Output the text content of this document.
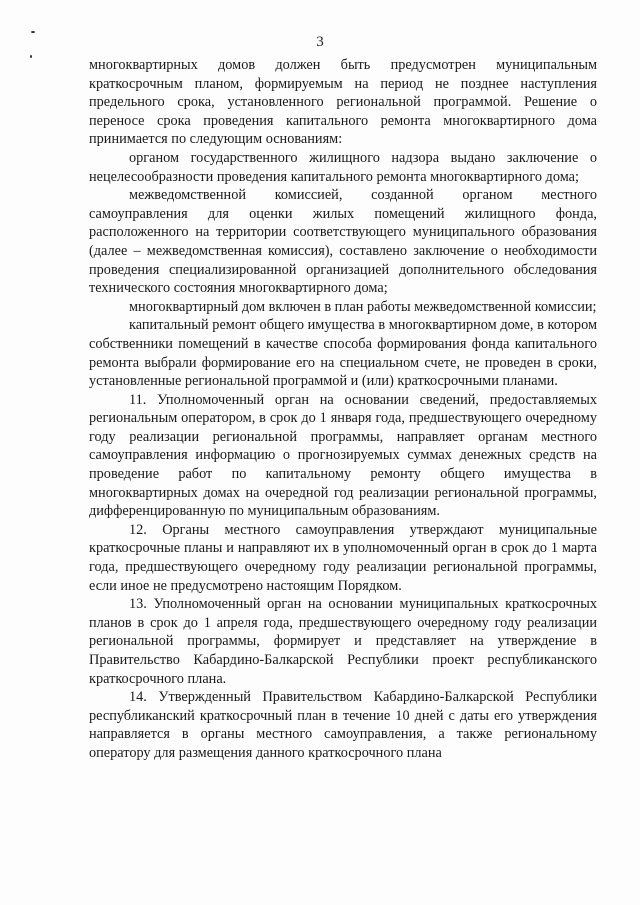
3

многоквартирных домов должен быть предусмотрен муниципальным краткосрочным планом, формируемым на период не позднее наступления предельного срока, установленного региональной программой. Решение о переносе срока проведения капитального ремонта многоквартирного дома принимается по следующим основаниям:

органом государственного жилищного надзора выдано заключение о нецелесообразности проведения капитального ремонта многоквартирного дома;

межведомственной комиссией, созданной органом местного самоуправления для оценки жилых помещений жилищного фонда, расположенного на территории соответствующего муниципального образования (далее – межведомственная комиссия), составлено заключение о необходимости проведения специализированной организацией дополнительного обследования технического состояния многоквартирного дома;

многоквартирный дом включен в план работы межведомственной комиссии;

капитальный ремонт общего имущества в многоквартирном доме, в котором собственники помещений в качестве способа формирования фонда капитального ремонта выбрали формирование его на специальном счете, не проведен в сроки, установленные региональной программой и (или) краткосрочными планами.

11. Уполномоченный орган на основании сведений, предоставляемых региональным оператором, в срок до 1 января года, предшествующего очередному году реализации региональной программы, направляет органам местного самоуправления информацию о прогнозируемых суммах денежных средств на проведение работ по капитальному ремонту общего имущества в многоквартирных домах на очередной год реализации региональной программы, дифференцированную по муниципальным образованиям.

12. Органы местного самоуправления утверждают муниципальные краткосрочные планы и направляют их в уполномоченный орган в срок до 1 марта года, предшествующего очередному году реализации региональной программы, если иное не предусмотрено настоящим Порядком.

13. Уполномоченный орган на основании муниципальных краткосрочных планов в срок до 1 апреля года, предшествующего очередному году реализации региональной программы, формирует и представляет на утверждение в Правительство Кабардино-Балкарской Республики проект республиканского краткосрочного плана.

14. Утвержденный Правительством Кабардино-Балкарской Республики республиканский краткосрочный план в течение 10 дней с даты его утверждения направляется в органы местного самоуправления, а также региональному оператору для размещения данного краткосрочного плана
